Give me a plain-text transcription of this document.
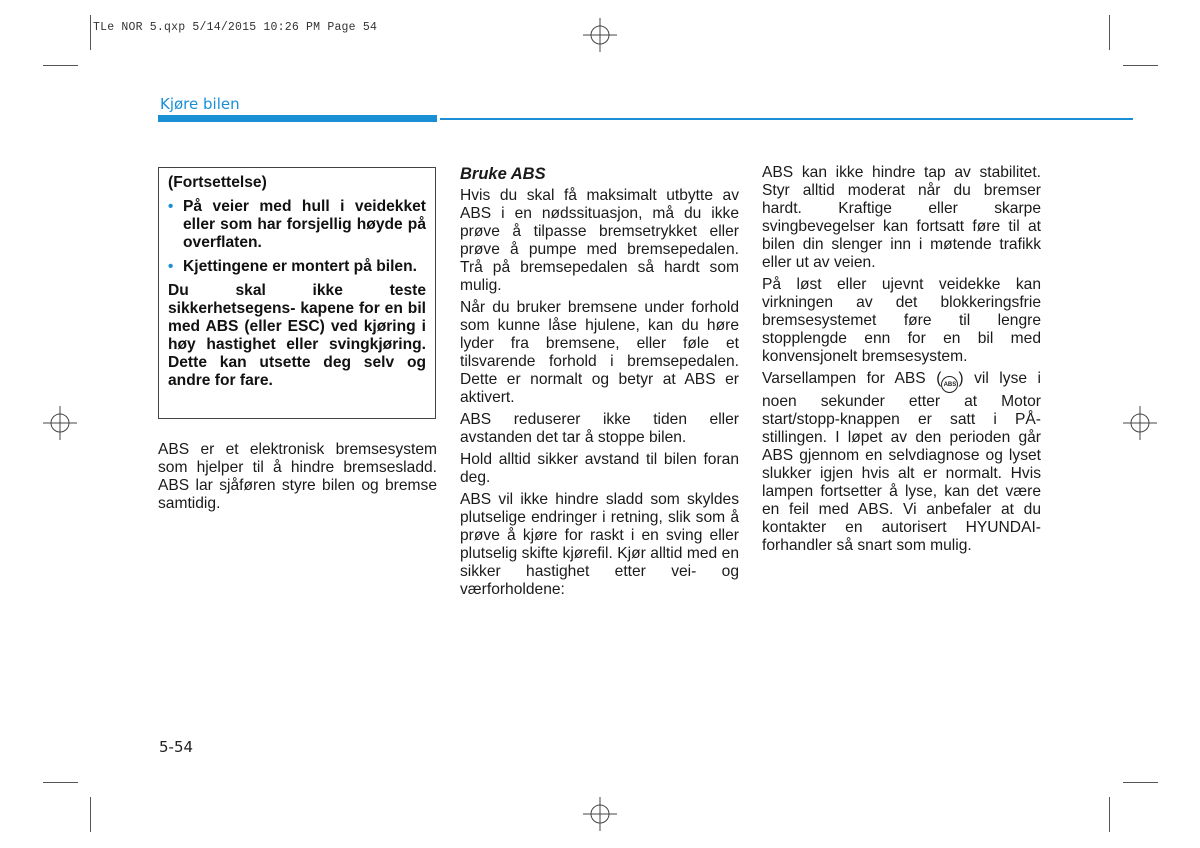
TLe NOR 5.qxp 5/14/2015 10:26 PM Page 54
Kjøre bilen

(Fortsettelse)

• På veier med hull i veidekket eller som har forsjellig høyde på overflaten.
• Kjettingene er montert på bilen.

Du skal ikke teste sikkerhetsegens- kapene for en bil med ABS (eller ESC) ved kjøring i høy hastighet eller svingkjøring. Dette kan utsette deg selv og andre for fare.

ABS er et elektronisk bremsesystem som hjelper til å hindre bremsesladd. ABS lar sjåføren styre bilen og bremse samtidig.

Bruke ABS

Hvis du skal få maksimalt utbytte av ABS i en nødssituasjon, må du ikke prøve å tilpasse bremsetrykket eller prøve å pumpe med bremsepedalen. Trå på bremsepedalen så hardt som mulig.

Når du bruker bremsene under forhold som kunne låse hjulene, kan du høre lyder fra bremsene, eller føle et tilsvarende forhold i bremsepedalen. Dette er normalt og betyr at ABS er aktivert.

ABS reduserer ikke tiden eller avstanden det tar å stoppe bilen.

Hold alltid sikker avstand til bilen foran deg.

ABS vil ikke hindre sladd som skyldes plutselige endringer i retning, slik som å prøve å kjøre for raskt i en sving eller plutselig skifte kjørefil. Kjør alltid med en sikker hastighet etter vei- og værforholdene:

ABS kan ikke hindre tap av stabilitet. Styr alltid moderat når du bremser hardt. Kraftige eller skarpe svingbevegelser kan fortsatt føre til at bilen din slenger inn i møtende trafikk eller ut av veien.

På løst eller ujevnt veidekke kan virkningen av det blokkeringsfrie bremsesystemet føre til lengre stopplengde enn for en bil med konvensjonelt bremsesystem.

Varsellampen for ABS ( ABS ) vil lyse i noen sekunder etter at Motor start/stopp-knappen er satt i PÅ-stillingen. I løpet av den perioden går ABS gjennom en selvdiagnose og lyset slukker igjen hvis alt er normalt. Hvis lampen fortsetter å lyse, kan det være en feil med ABS. Vi anbefaler at du kontakter en autorisert HYUNDAI-forhandler så snart som mulig.

5-54
